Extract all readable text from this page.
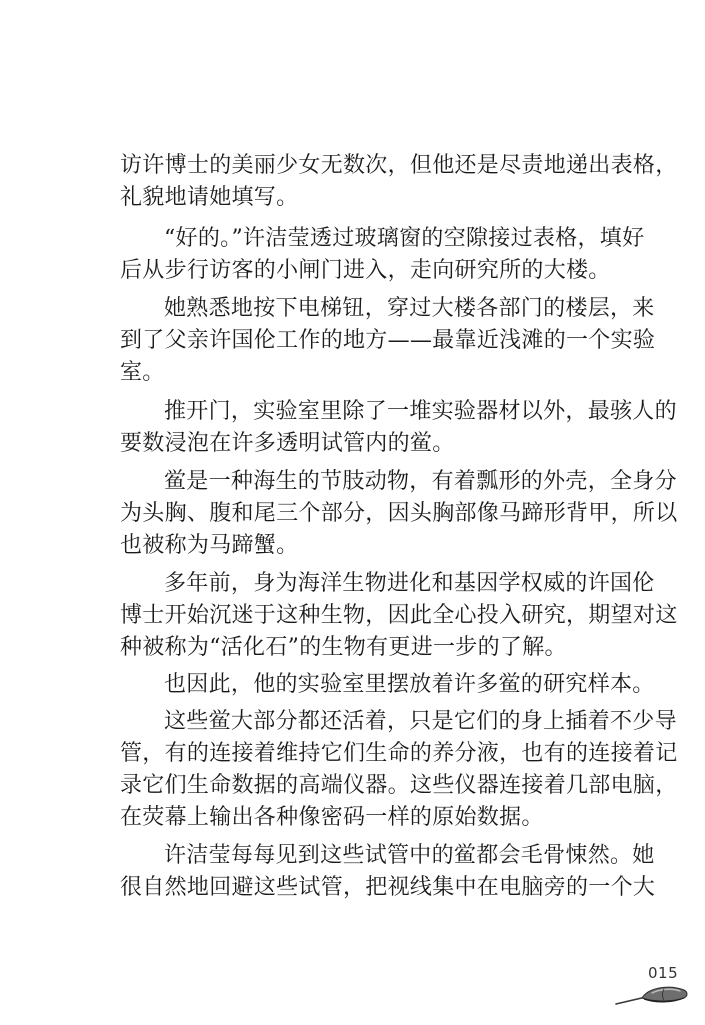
访许博士的美丽少女无数次，但他还是尽责地递出表格，
礼貌地请她填写。
“好的。”许洁莹透过玻璃窗的空隙接过表格，填好
后从步行访客的小闸门进入，走向研究所的大楼。
她熟悉地按下电梯钮，穿过大楼各部门的楼层，来
到了父亲许国伦工作的地方——最靠近浅滩的一个实验
室。
推开门，实验室里除了一堆实验器材以外，最骇人的
要数浸泡在许多透明试管内的鲎。
鲎是一种海生的节肢动物，有着瓢形的外壳，全身分
为头胸、腹和尾三个部分，因头胸部像马蹄形背甲，所以
也被称为马蹄蟹。
多年前，身为海洋生物进化和基因学权威的许国伦
博士开始沉迷于这种生物，因此全心投入研究，期望对这
种被称为“活化石”的生物有更进一步的了解。
也因此，他的实验室里摆放着许多鲎的研究样本。
这些鲎大部分都还活着，只是它们的身上插着不少导
管，有的连接着维持它们生命的养分液，也有的连接着记
录它们生命数据的高端仪器。这些仪器连接着几部电脑，
在荧幕上输出各种像密码一样的原始数据。
许洁莹每每见到这些试管中的鲎都会毛骨悚然。她
很自然地回避这些试管，把视线集中在电脑旁的一个大
015
